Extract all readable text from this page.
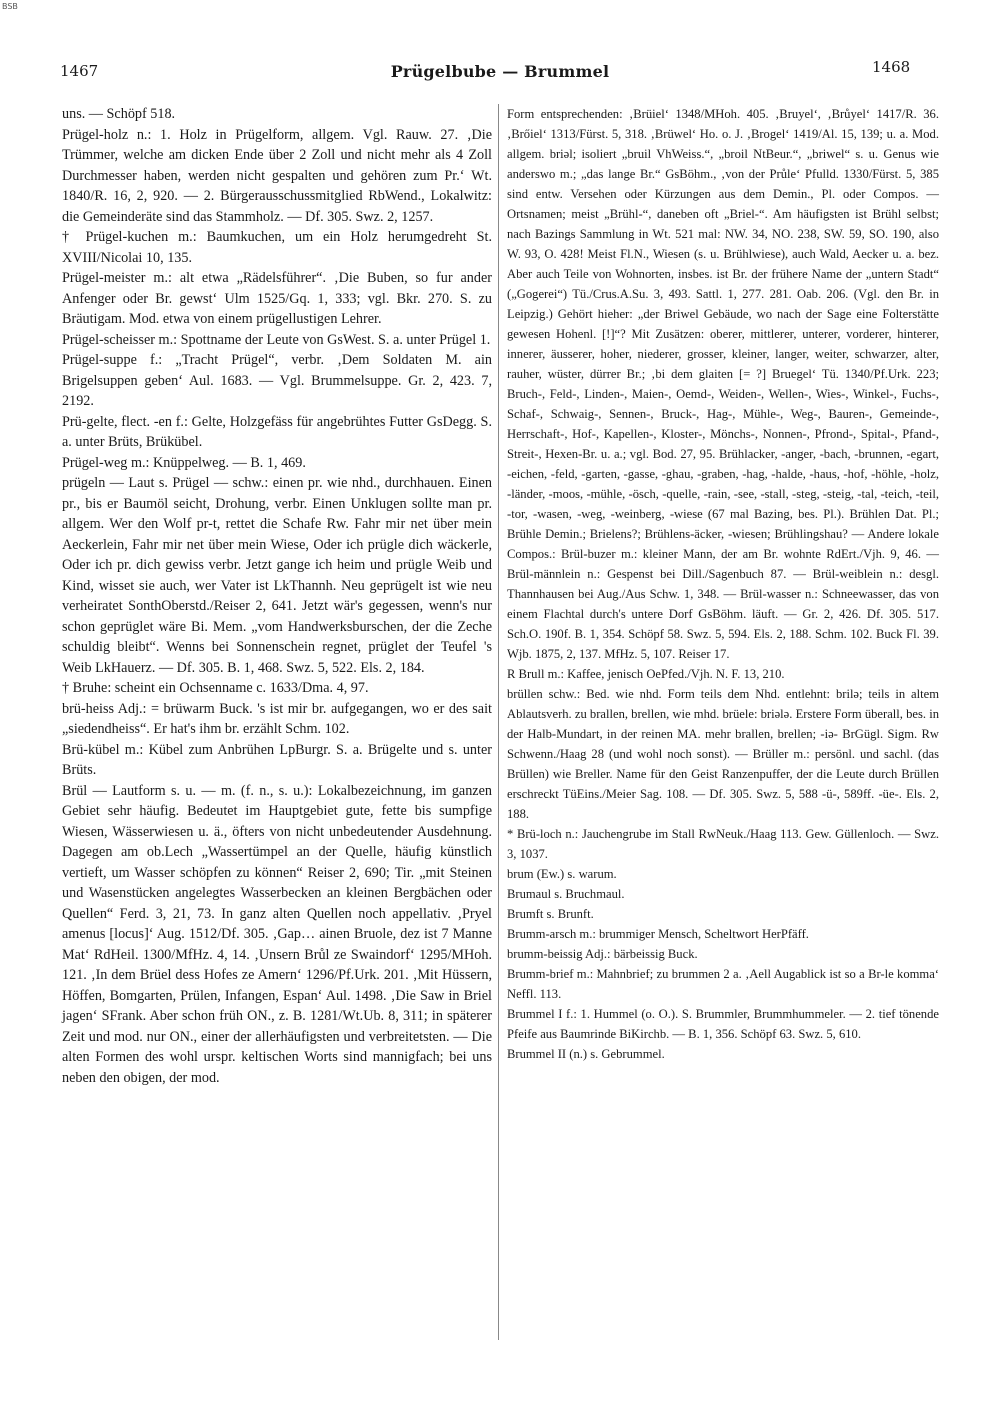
BSB
1467	Prügelbube — Brummel	1468

uns. — Schöpf 518.

Prügel-holz n.: 1. Holz in Prügelform, allgem. Vgl. Rauw. 27. ‚Die Trümmer, welche am dicken Ende über 2 Zoll und nicht mehr als 4 Zoll Durchmesser haben, werden nicht gespalten und gehören zum Pr.‘ Wt. 1840/R. 16, 2, 920. — 2. Bürgerausschussmitglied RbWend., Lokalwitz: die Gemeinderäte sind das Stammholz. — Df. 305. Swz. 2, 1257.

† Prügel-kuchen m.: Baumkuchen, um ein Holz herumgedreht St. XVIII/Nicolai 10, 135.

Prügel-meister m.: alt etwa „Rädelsführer“. ‚Die Buben, so fur ander Anfenger oder Br. gewst‘ Ulm 1525/Gq. 1, 333; vgl. Bkr. 270. S. zu Bräutigam. Mod. etwa von einem prügellustigen Lehrer.

Prügel-scheisser m.: Spottname der Leute von GsWest. S. a. unter Prügel 1.

Prügel-suppe f.: „Tracht Prügel“, verbr. ‚Dem Soldaten M. ain Brigelsuppen geben‘ Aul. 1683. — Vgl. Brummelsuppe. Gr. 2, 423. 7, 2192.

Prü-gelte, flect. -en f.: Gelte, Holzgefäss für angebrühtes Futter GsDegg. S. a. unter Brüts, Brükübel.

Prügel-weg m.: Knüppelweg. — B. 1, 469.

prügeln — Laut s. Prügel — schw.: einen pr. wie nhd., durchhauen. Einen pr., bis er Baumöl seicht, Drohung, verbr. Einen Unklugen sollte man pr. allgem. Wer den Wolf pr-t, rettet die Schafe Rw. Fahr mir net über mein Aeckerlein, Fahr mir net über mein Wiese, Oder ich prügle dich wäckerle, Oder ich pr. dich gewiss verbr. Jetzt gange ich heim und prügle Weib und Kind, wisset sie auch, wer Vater ist LkThannh. Neu geprügelt ist wie neu verheiratet SonthOberstd./Reiser 2, 641. Jetzt wär's gegessen, wenn's nur schon geprüglet wäre Bi. Mem. „vom Handwerksburschen, der die Zeche schuldig bleibt“. Wenns bei Sonnenschein regnet, prüglet der Teufel 's Weib LkHauerz. — Df. 305. B. 1, 468. Swz. 5, 522. Els. 2, 184.

† Bruhe: scheint ein Ochsenname c. 1633/Dma. 4, 97.

brü-heiss Adj.: = brüwarm Buck. 's ist mir br. aufgegangen, wo er des sait „siedendheiss“. Er hat's ihm br. erzählt Schm. 102.

Brü-kübel m.: Kübel zum Anbrühen LpBurgr. S. a. Brügelte und s. unter Brüts.

Brül — Lautform s. u. — m. (f. n., s. u.): Lokalbezeichnung, im ganzen Gebiet sehr häufig. Bedeutet im Hauptgebiet gute, fette bis sumpfige Wiesen, Wässerwiesen u. ä., öfters von nicht unbedeutender Ausdehnung. Dagegen am ob.Lech „Wassertümpel an der Quelle, häufig künstlich vertieft, um Wasser schöpfen zu können“ Reiser 2, 690; Tir. „mit Steinen und Wasenstücken angelegtes Wasserbecken an kleinen Bergbächen oder Quellen“ Ferd. 3, 21, 73. In ganz alten Quellen noch appellativ. ‚Pryel amenus [locus]‘ Aug. 1512/Df. 305. ‚Gap… ainen Bruole, dez ist 7 Manne Mat‘ RdHeil. 1300/MfHz. 4, 14. ‚Unsern Brůl ze Swaindorf‘ 1295/MHoh. 121. ‚In dem Brüel dess Hofes ze Amern‘ 1296/Pf.Urk. 201. ‚Mit Hüssern, Höffen, Bomgarten, Prülen, Infangen, Espan‘ Aul. 1498. ‚Die Saw in Briel jagen‘ SFrank. Aber schon früh ON., z. B. 1281/Wt.Ub. 8, 311; in späterer Zeit und mod. nur ON., einer der allerhäufigsten und verbreitetsten. — Die alten Formen des wohl urspr. keltischen Worts sind mannigfach; bei uns neben den obigen, der mod.

Form entsprechenden: ‚Brüiel‘ 1348/MHoh. 405. ‚Bruyel‘, ‚Brůyel‘ 1417/R. 36. ‚Brőiel‘ 1313/Fürst. 5, 318. ‚Brüwel‘ Ho. o. J. ‚Brogel‘ 1419/Al. 15, 139; u. a. Mod. allgem. briəl; isoliert „bruil VhWeiss.“, „broil NtBeur.“, „briwel“ s. u. Genus wie anderswo m.; „das lange Br.“ GsBöhm., ‚von der Průle‘ Pfulld. 1330/Fürst. 5, 385 sind entw. Versehen oder Kürzungen aus dem Demin., Pl. oder Compos. — Ortsnamen; meist „Brühl-“, daneben oft „Briel-“. Am häufigsten ist Brühl selbst; nach Bazings Sammlung in Wt. 521 mal: NW. 34, NO. 238, SW. 59, SO. 190, also W. 93, O. 428! Meist Fl.N., Wiesen (s. u. Brühlwiese), auch Wald, Aecker u. a. bez. Aber auch Teile von Wohnorten, insbes. ist Br. der frühere Name der „untern Stadt“ („Gogerei“) Tü./Crus.A.Su. 3, 493. Sattl. 1, 277. 281. Oab. 206. (Vgl. den Br. in Leipzig.) Gehört hieher: „der Briwel Gebäude, wo nach der Sage eine Folterstätte gewesen Hohenl. [!]“? Mit Zusätzen: oberer, mittlerer, unterer, vorderer, hinterer, innerer, äusserer, hoher, niederer, grosser, kleiner, langer, weiter, schwarzer, alter, rauher, wüster, dürrer Br.; ‚bi dem glaiten [= ?] Bruegel‘ Tü. 1340/Pf.Urk. 223; Bruch-, Feld-, Linden-, Maien-, Oemd-, Weiden-, Wellen-, Wies-, Winkel-, Fuchs-, Schaf-, Schwaig-, Sennen-, Bruck-, Hag-, Mühle-, Weg-, Bauren-, Gemeinde-, Herrschaft-, Hof-, Kapellen-, Kloster-, Mönchs-, Nonnen-, Pfrond-, Spital-, Pfand-, Streit-, Hexen-Br. u. a.; vgl. Bod. 27, 95. Brühlacker, -anger, -bach, -brunnen, -egart, -eichen, -feld, -garten, -gasse, -ghau, -graben, -hag, -halde, -haus, -hof, -höhle, -holz, -länder, -moos, -mühle, -ösch, -quelle, -rain, -see, -stall, -steg, -steig, -tal, -teich, -teil, -tor, -wasen, -weg, -weinberg, -wiese (67 mal Bazing, bes. Pl.). Brühlen Dat. Pl.; Brühle Demin.; Brielens?; Brühlens-äcker, -wiesen; Brühlingshau? — Andere lokale Compos.: Brül-buzer m.: kleiner Mann, der am Br. wohnte RdErt./Vjh. 9, 46. — Brül-männlein n.: Gespenst bei Dill./Sagenbuch 87. — Brül-weiblein n.: desgl. Thannhausen bei Aug./Aus Schw. 1, 348. — Brül-wasser n.: Schneewasser, das von einem Flachtal durch's untere Dorf GsBöhm. läuft. — Gr. 2, 426. Df. 305. 517. Sch.O. 190f. B. 1, 354. Schöpf 58. Swz. 5, 594. Els. 2, 188. Schm. 102. Buck Fl. 39. Wjb. 1875, 2, 137. MfHz. 5, 107. Reiser 17.

R Brull m.: Kaffee, jenisch OePfed./Vjh. N. F. 13, 210.

brüllen schw.: Bed. wie nhd. Form teils dem Nhd. entlehnt: brilə; teils in altem Ablautsverh. zu brallen, brellen, wie mhd. brüele: briələ. Erstere Form überall, bes. in der Halb-Mundart, in der reinen MA. mehr brallen, brellen; -iə- BrGügl. Sigm. Rw Schwenn./Haag 28 (und wohl noch sonst). — Brüller m.: persönl. und sachl. (das Brüllen) wie Breller. Name für den Geist Ranzenpuffer, der die Leute durch Brüllen erschreckt TüEins./Meier Sag. 108. — Df. 305. Swz. 5, 588 -ü-, 589ff. -üe-. Els. 2, 188.

* Brü-loch n.: Jauchengrube im Stall RwNeuk./Haag 113. Gew. Güllenloch. — Swz. 3, 1037.

brum (Ew.) s. warum.

Brumaul s. Bruchmaul.

Brumft s. Brunft.

Brumm-arsch m.: brummiger Mensch, Scheltwort HerPfäff.

brumm-beissig Adj.: bärbeissig Buck.

Brumm-brief m.: Mahnbrief; zu brummen 2 a. ‚Aell Augablick ist so a Br-le komma‘ Neffl. 113.

Brummel I f.: 1. Hummel (o. O.). S. Brummler, Brummhummeler. — 2. tief tönende Pfeife aus Baumrinde BiKirchb. — B. 1, 356. Schöpf 63. Swz. 5, 610.

Brummel II (n.) s. Gebrummel.
